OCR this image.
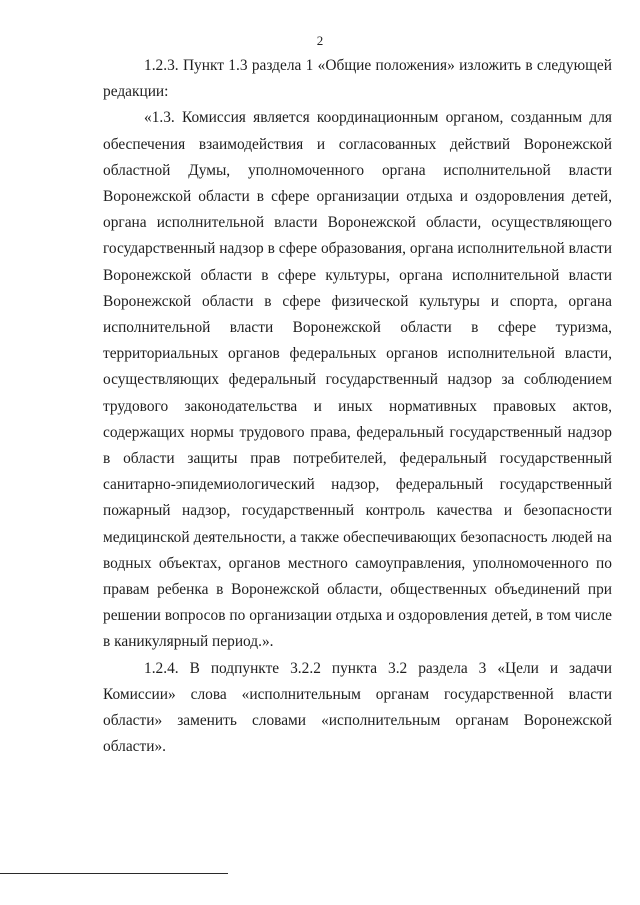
2

1.2.3. Пункт 1.3 раздела 1 «Общие положения» изложить в следующей редакции:

«1.3. Комиссия является координационным органом, созданным для обеспечения взаимодействия и согласованных действий Воронежской областной Думы, уполномоченного органа исполнительной власти Воронежской области в сфере организации отдыха и оздоровления детей, органа исполнительной власти Воронежской области, осуществляющего государственный надзор в сфере образования, органа исполнительной власти Воронежской области в сфере культуры, органа исполнительной власти Воронежской области в сфере физической культуры и спорта, органа исполнительной власти Воронежской области в сфере туризма, территориальных органов федеральных органов исполнительной власти, осуществляющих федеральный государственный надзор за соблюдением трудового законодательства и иных нормативных правовых актов, содержащих нормы трудового права, федеральный государственный надзор в области защиты прав потребителей, федеральный государственный санитарно-эпидемиологический надзор, федеральный государственный пожарный надзор, государственный контроль качества и безопасности медицинской деятельности, а также обеспечивающих безопасность людей на водных объектах, органов местного самоуправления, уполномоченного по правам ребенка в Воронежской области, общественных объединений при решении вопросов по организации отдыха и оздоровления детей, в том числе в каникулярный период.».

1.2.4. В подпункте 3.2.2 пункта 3.2 раздела 3 «Цели и задачи Комиссии» слова «исполнительным органам государственной власти области» заменить словами «исполнительным органам Воронежской области».
